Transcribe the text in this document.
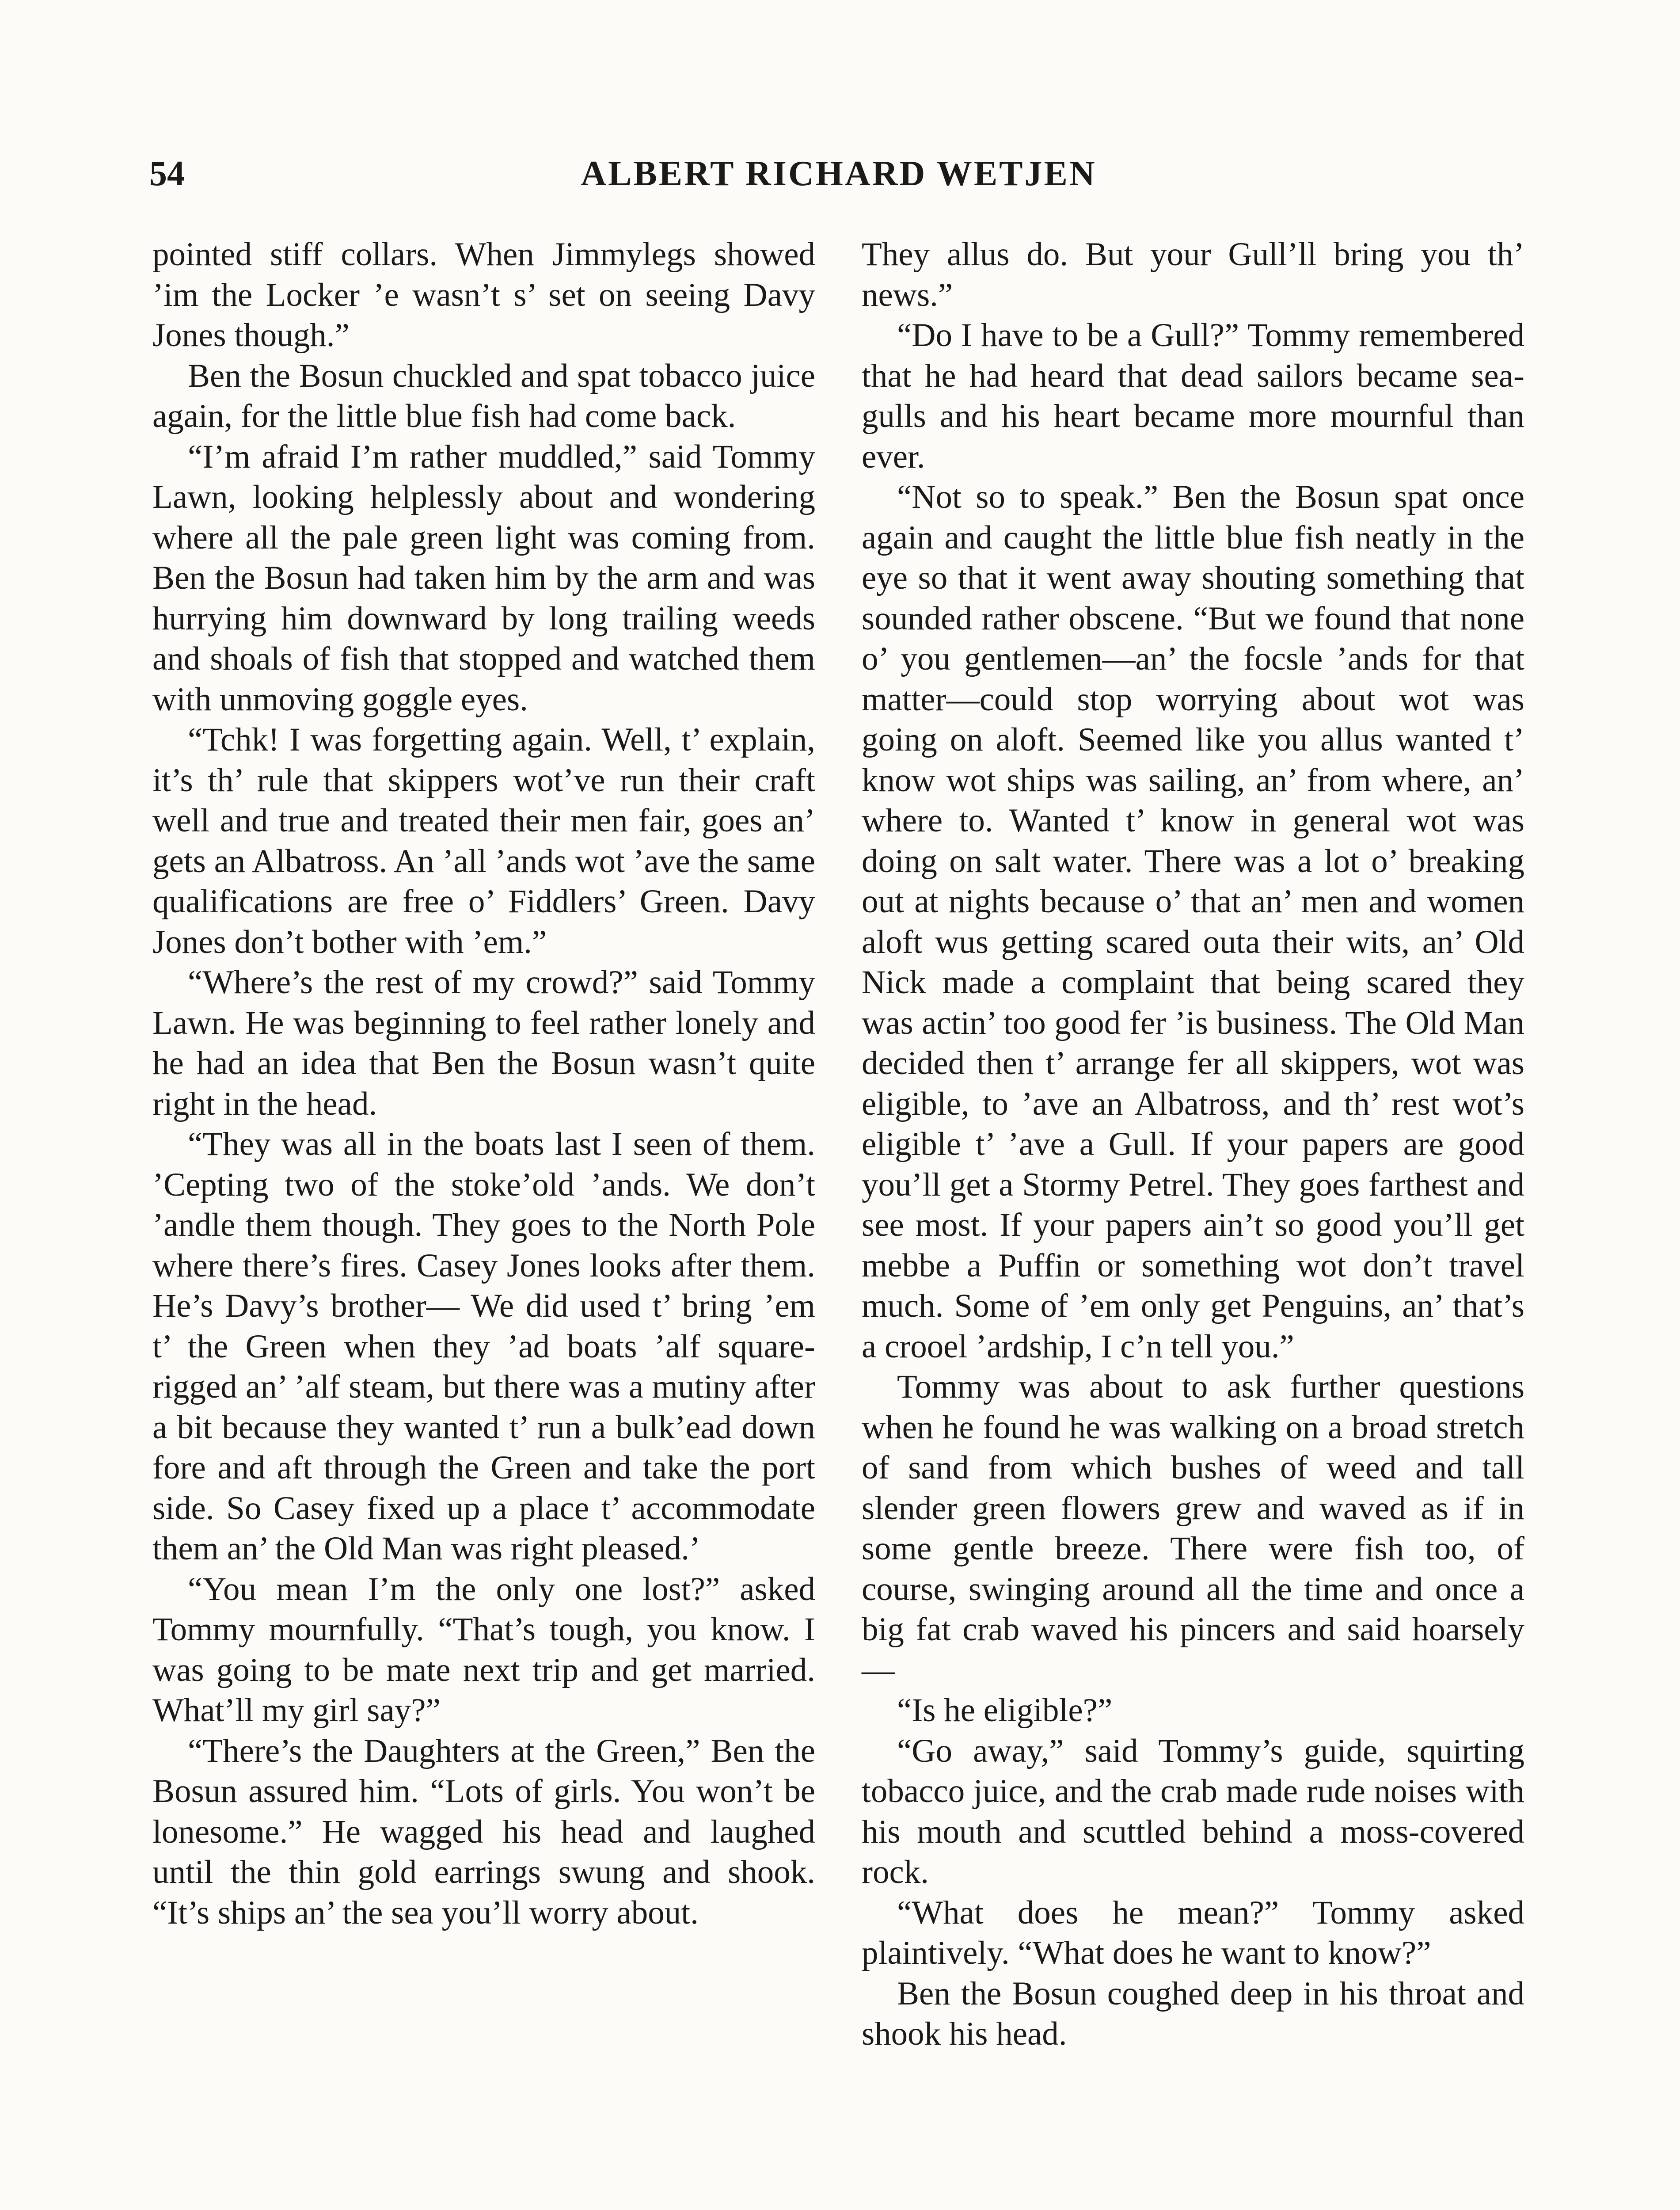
54	ALBERT RICHARD WETJEN

pointed stiff collars. When Jimmylegs showed ’im the Locker ’e wasn’t s’ set on seeing Davy Jones though.”

Ben the Bosun chuckled and spat tobacco juice again, for the little blue fish had come back.

“I’m afraid I’m rather muddled,” said Tommy Lawn, looking helplessly about and wondering where all the pale green light was coming from. Ben the Bosun had taken him by the arm and was hurrying him downward by long trailing weeds and shoals of fish that stopped and watched them with unmoving goggle eyes.

“Tchk! I was forgetting again. Well, t’ explain, it’s th’ rule that skippers wot’ve run their craft well and true and treated their men fair, goes an’ gets an Albatross. An ’all ’ands wot ’ave the same qualifications are free o’ Fiddlers’ Green. Davy Jones don’t bother with ’em.”

“Where’s the rest of my crowd?” said Tommy Lawn. He was beginning to feel rather lonely and he had an idea that Ben the Bosun wasn’t quite right in the head.

“They was all in the boats last I seen of them. ’Cepting two of the stoke’old ’ands. We don’t ’andle them though. They goes to the North Pole where there’s fires. Casey Jones looks after them. He’s Davy’s brother— We did used t’ bring ’em t’ the Green when they ’ad boats ’alf square-rigged an’ ’alf steam, but there was a mutiny after a bit because they wanted t’ run a bulk’ead down fore and aft through the Green and take the port side. So Casey fixed up a place t’ accommodate them an’ the Old Man was right pleased.’

“You mean I’m the only one lost?” asked Tommy mournfully. “That’s tough, you know. I was going to be mate next trip and get married. What’ll my girl say?”

“There’s the Daughters at the Green,” Ben the Bosun assured him. “Lots of girls. You won’t be lonesome.” He wagged his head and laughed until the thin gold earrings swung and shook. “It’s ships an’ the sea you’ll worry about.

They allus do. But your Gull’ll bring you th’ news.”

“Do I have to be a Gull?” Tommy remembered that he had heard that dead sailors became sea-gulls and his heart became more mournful than ever.

“Not so to speak.” Ben the Bosun spat once again and caught the little blue fish neatly in the eye so that it went away shouting something that sounded rather obscene. “But we found that none o’ you gentlemen—an’ the focsle ’ands for that matter—could stop worrying about wot was going on aloft. Seemed like you allus wanted t’ know wot ships was sailing, an’ from where, an’ where to. Wanted t’ know in general wot was doing on salt water. There was a lot o’ breaking out at nights because o’ that an’ men and women aloft wus getting scared outa their wits, an’ Old Nick made a complaint that being scared they was actin’ too good fer ’is business. The Old Man decided then t’ arrange fer all skippers, wot was eligible, to ’ave an Albatross, and th’ rest wot’s eligible t’ ’ave a Gull. If your papers are good you’ll get a Stormy Petrel. They goes farthest and see most. If your papers ain’t so good you’ll get mebbe a Puffin or something wot don’t travel much. Some of ’em only get Penguins, an’ that’s a crooel ’ardship, I c’n tell you.”

Tommy was about to ask further questions when he found he was walking on a broad stretch of sand from which bushes of weed and tall slender green flowers grew and waved as if in some gentle breeze. There were fish too, of course, swinging around all the time and once a big fat crab waved his pincers and said hoarsely—

“Is he eligible?”

“Go away,” said Tommy’s guide, squirting tobacco juice, and the crab made rude noises with his mouth and scuttled behind a moss-covered rock.

“What does he mean?” Tommy asked plaintively. “What does he want to know?”

Ben the Bosun coughed deep in his throat and shook his head.
